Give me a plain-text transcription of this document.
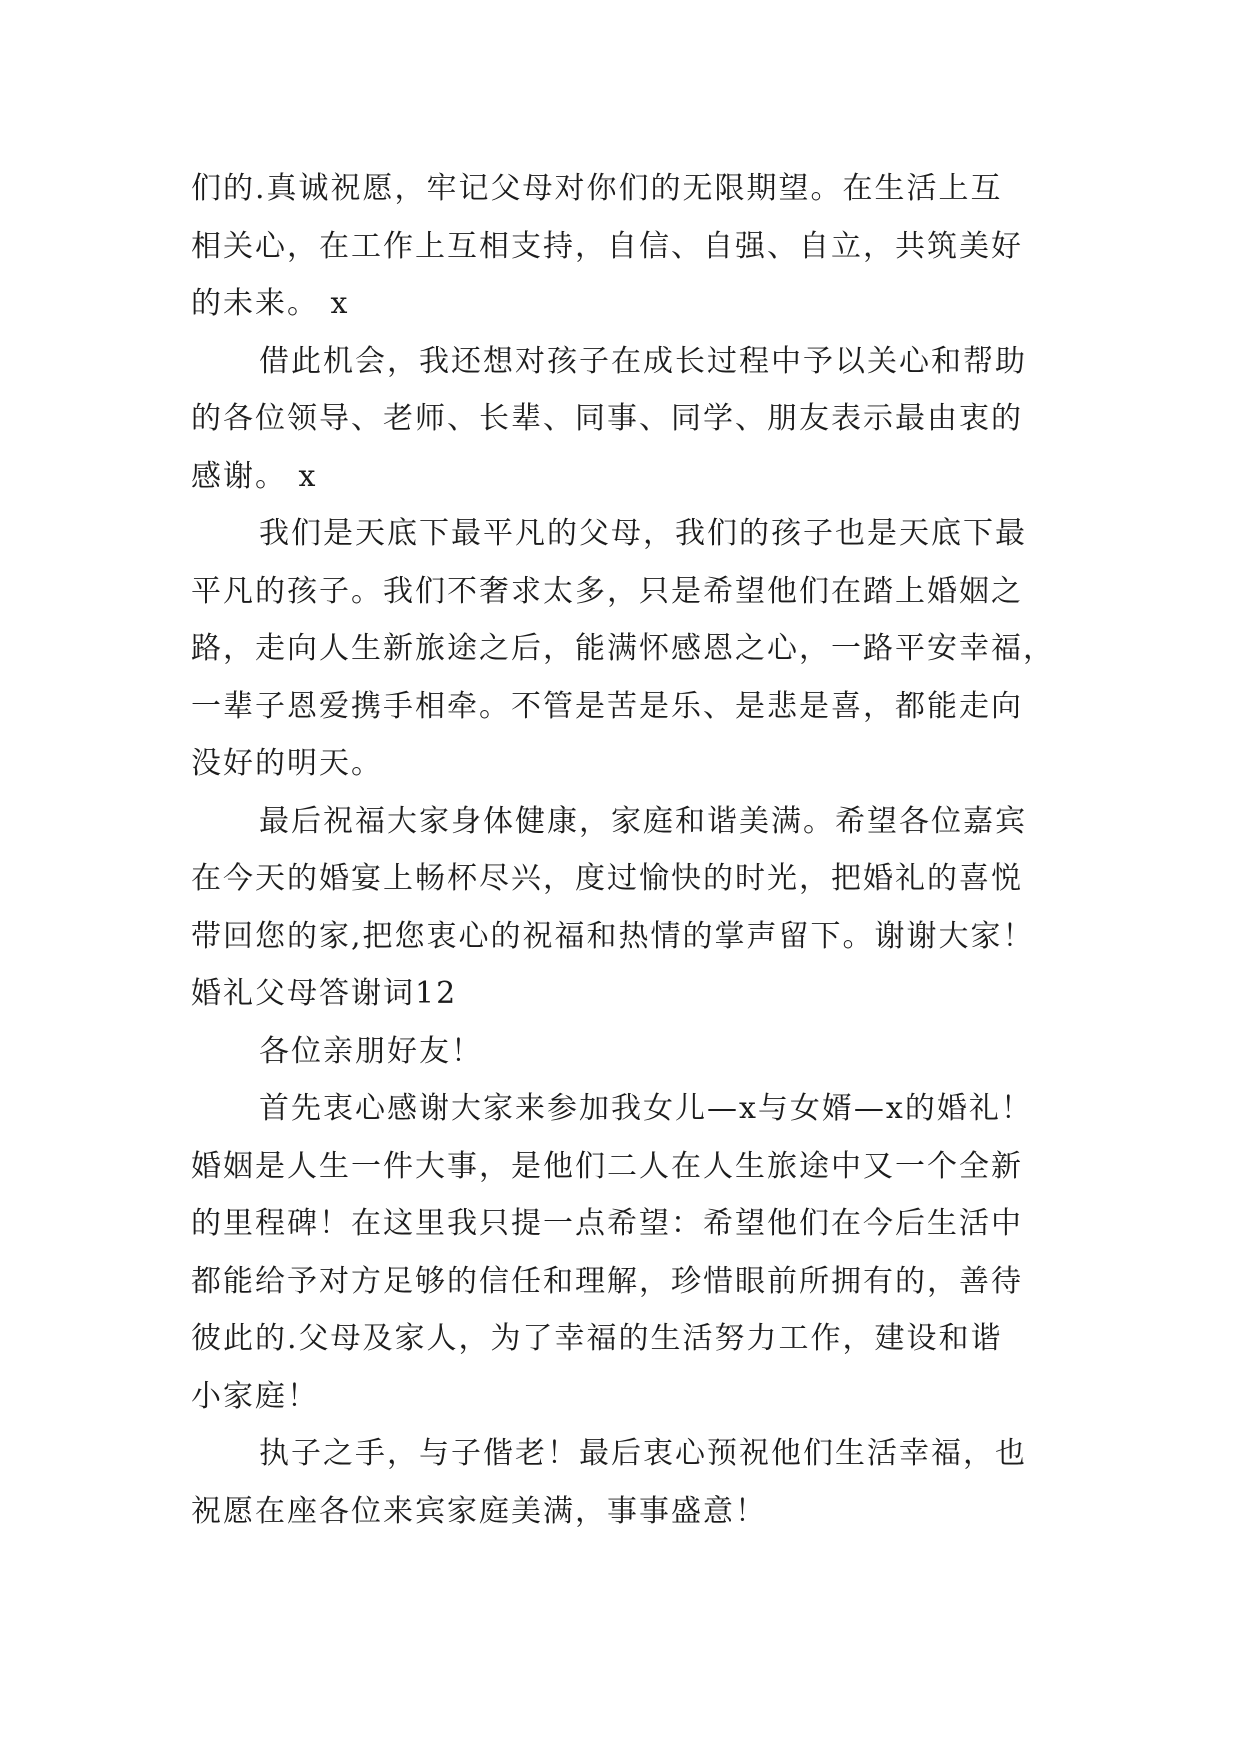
们的.真诚祝愿，牢记父母对你们的无限期望。在生活上互
相关心，在工作上互相支持，自信、自强、自立，共筑美好
的未来。 x
借此机会，我还想对孩子在成长过程中予以关心和帮助
的各位领导、老师、长辈、同事、同学、朋友表示最由衷的
感谢。 x
我们是天底下最平凡的父母，我们的孩子也是天底下最
平凡的孩子。我们不奢求太多，只是希望他们在踏上婚姻之
路，走向人生新旅途之后，能满怀感恩之心，一路平安幸福，
一辈子恩爱携手相牵。不管是苦是乐、是悲是喜，都能走向
没好的明天。
最后祝福大家身体健康，家庭和谐美满。希望各位嘉宾
在今天的婚宴上畅杯尽兴，度过愉快的时光，把婚礼的喜悦
带回您的家,把您衷心的祝福和热情的掌声留下。谢谢大家！
婚礼父母答谢词12
各位亲朋好友！
首先衷心感谢大家来参加我女儿—x与女婿—x的婚礼！
婚姻是人生一件大事，是他们二人在人生旅途中又一个全新
的里程碑！在这里我只提一点希望：希望他们在今后生活中
都能给予对方足够的信任和理解，珍惜眼前所拥有的，善待
彼此的.父母及家人，为了幸福的生活努力工作，建设和谐
小家庭！
执子之手，与子偕老！最后衷心预祝他们生活幸福，也
祝愿在座各位来宾家庭美满，事事盛意！
